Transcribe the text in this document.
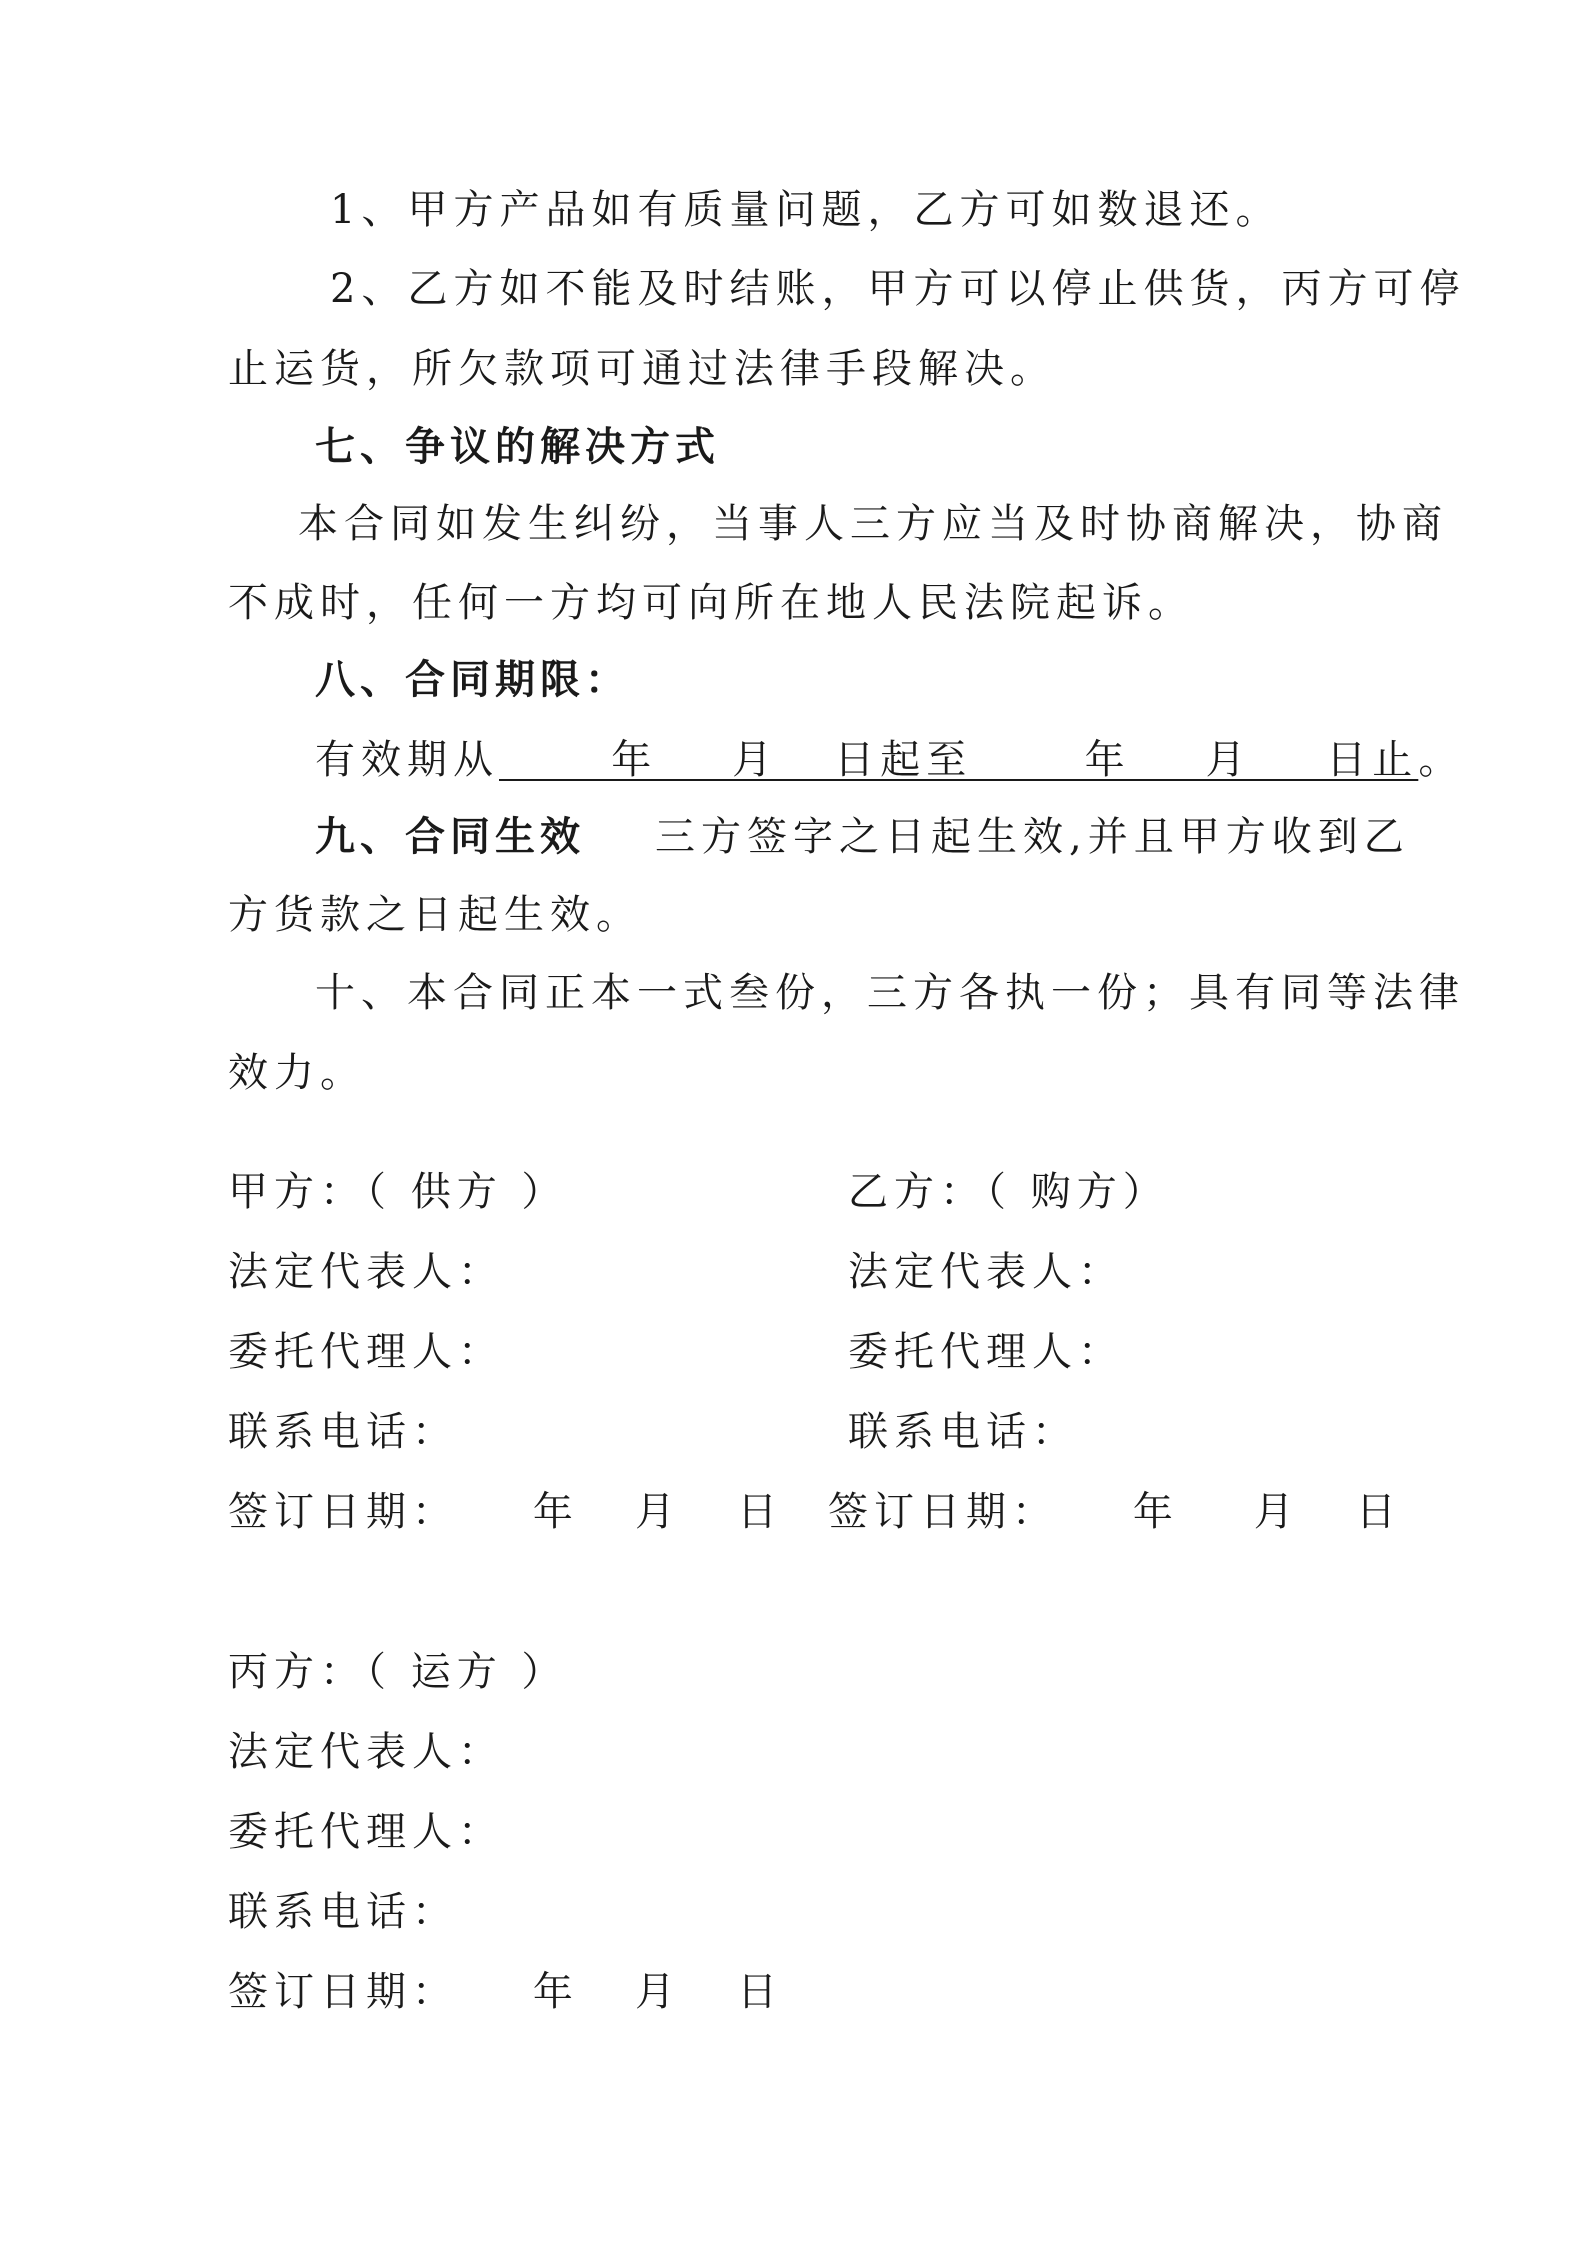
1、甲方产品如有质量问题，乙方可如数退还。
2、乙方如不能及时结账，甲方可以停止供货，丙方可停
止运货，所欠款项可通过法律手段解决。
七、争议的解决方式
本合同如发生纠纷，当事人三方应当及时协商解决，协商
不成时，任何一方均可向所在地人民法院起诉。
八、合同期限：
有效期从      年    月   日起至      年    月    日止。
九、合同生效 三方签字之日起生效,并且甲方收到乙
方货款之日起生效。
十、本合同正本一式叁份，三方各执一份；具有同等法律
效力。
甲方：（ 供方 ）
法定代表人：
委托代理人：
联系电话：
签订日期：    年   月   日
乙方：（ 购方）
法定代表人：
委托代理人：
联系电话：
签订日期：    年    月   日
丙方：（ 运方 ）
法定代表人：
委托代理人：
联系电话：
签订日期：    年   月   日
